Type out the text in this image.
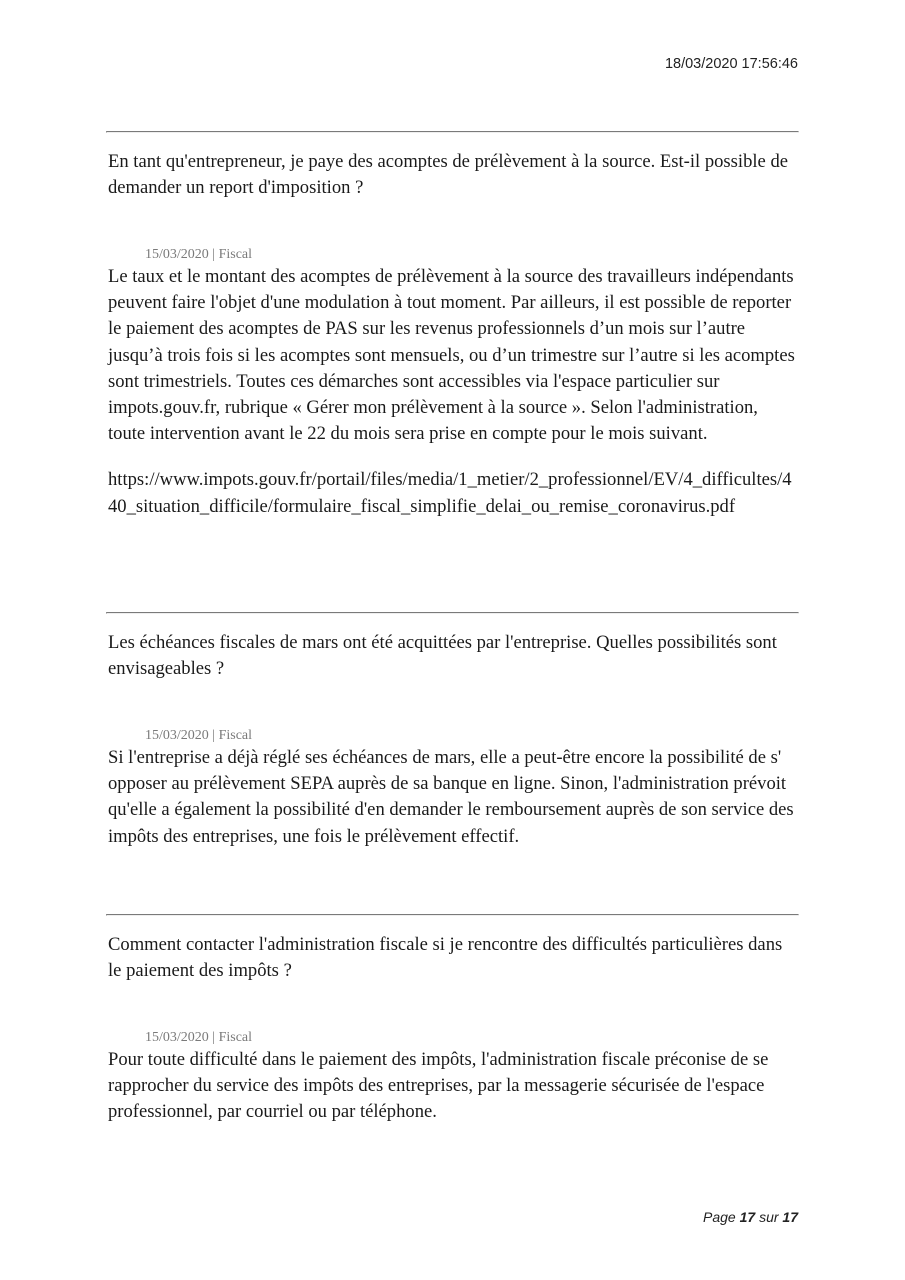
18/03/2020 17:56:46

En tant qu'entrepreneur, je paye des acomptes de prélèvement à la source. Est-il possible de demander un report d'imposition ?

15/03/2020 | Fiscal

Le taux et le montant des acomptes de prélèvement à la source des travailleurs indépendants peuvent faire l'objet d'une modulation à tout moment. Par ailleurs, il est possible de reporter le paiement des acomptes de PAS sur les revenus professionnels d’un mois sur l’autre jusqu’à trois fois si les acomptes sont mensuels, ou d’un trimestre sur l’autre si les acomptes sont trimestriels. Toutes ces démarches sont accessibles via l'espace particulier sur impots.gouv.fr, rubrique « Gérer mon prélèvement à la source ». Selon l'administration, toute intervention avant le 22 du mois sera prise en compte pour le mois suivant.

https://www.impots.gouv.fr/portail/files/media/1_metier/2_professionnel/EV/4_difficultes/440_situation_difficile/formulaire_fiscal_simplifie_delai_ou_remise_coronavirus.pdf

Les échéances fiscales de mars ont été acquittées par l'entreprise. Quelles possibilités sont envisageables ?

15/03/2020 | Fiscal

Si l'entreprise a déjà réglé ses échéances de mars, elle a peut-être encore la possibilité de s' opposer au prélèvement SEPA auprès de sa banque en ligne. Sinon, l'administration prévoit qu'elle a également la possibilité d'en demander le remboursement auprès de son service des impôts des entreprises, une fois le prélèvement effectif.

Comment contacter l'administration fiscale si je rencontre des difficultés particulières dans le paiement des impôts ?

15/03/2020 | Fiscal

Pour toute difficulté dans le paiement des impôts, l'administration fiscale préconise de se rapprocher du service des impôts des entreprises, par la messagerie sécurisée de l'espace professionnel, par courriel ou par téléphone.

Page 17 sur 17
